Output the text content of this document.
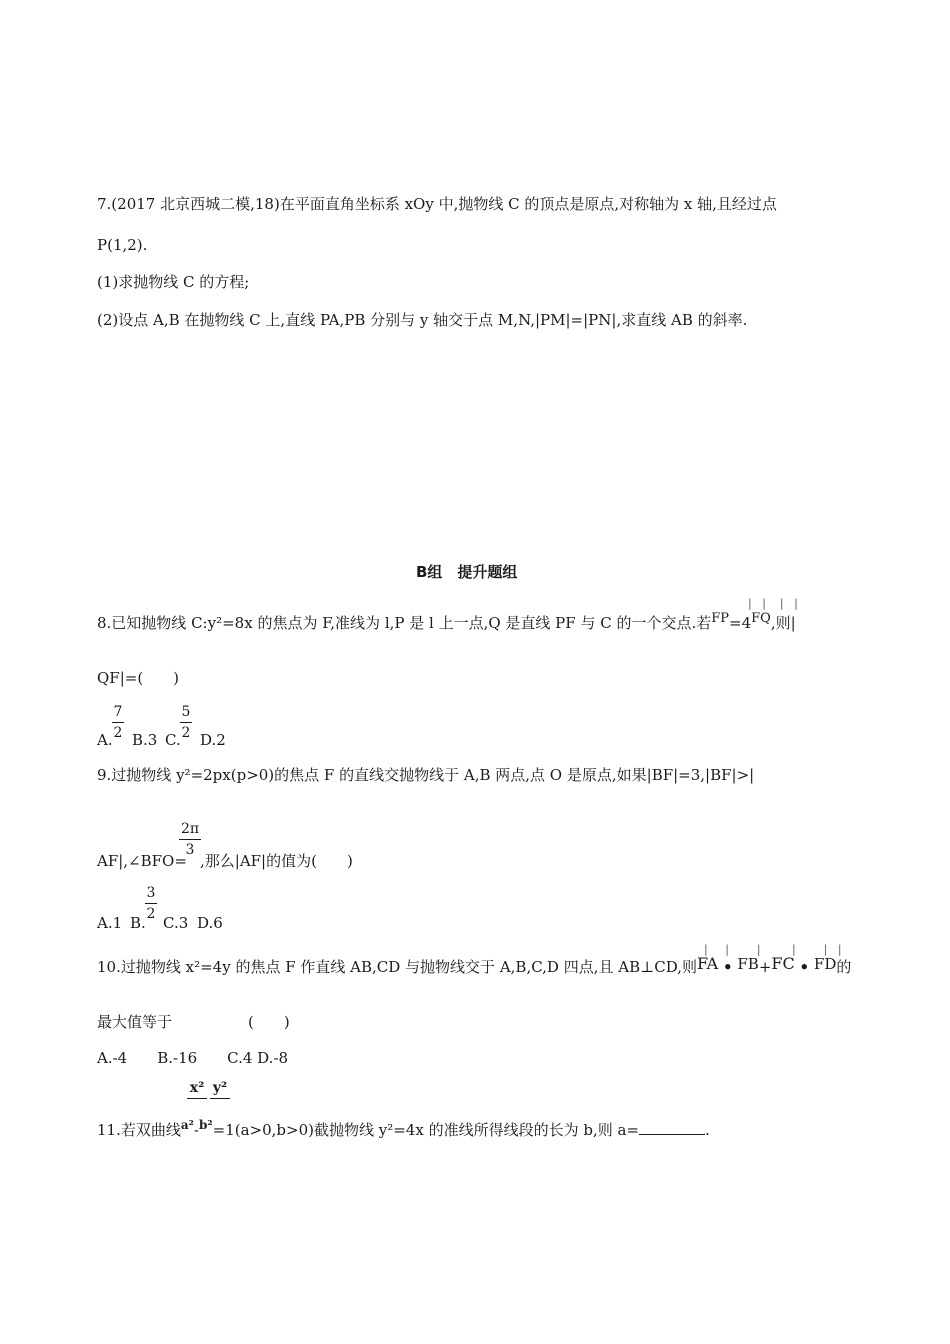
7.(2017 北京西城二模,18)在平面直角坐标系 xOy 中,抛物线 C 的顶点是原点,对称轴为 x 轴,且经过点
P(1,2).
(1)求抛物线 C 的方程;
(2)设点 A,B 在抛物线 C 上,直线 PA,PB 分别与 y 轴交于点 M,N,|PM|=|PN|,求直线 AB 的斜率.
B组　提升题组
8.已知抛物线 C:y²=8x 的焦点为 F,准线为 l,P 是 l 上一点,Q 是直线 PF 与 C 的一个交点.若FP=4FQ,则|
|   |    |   |
QF|=(　　)
A.
7
2 B.3 C.
5
2 D.2
9.过抛物线 y²=2px(p>0)的焦点 F 的直线交抛物线于 A,B 两点,点 O 是原点,如果|BF|=3,|BF|>|
AF|,∠BFO=
2π
3
,那么|AF|的值为(　　)
A.1 B.
3
2 C.3 D.6
10.过抛物线 x²=4y 的焦点 F 作直线 AB,CD 与抛物线交于 A,B,C,D 四点,且 AB⊥CD,则FA • FB+FC • FD的
|     |        |         |        |   |
最大值等于	(　　)
A.-4　　B.-16　　C.4 D.-8
x² y²
11.若双曲线$^{a^2}$-$^{b^2}$=1(a>0,b>0)截抛物线 y²=4x 的准线所得线段的长为 b,则 a=	.
